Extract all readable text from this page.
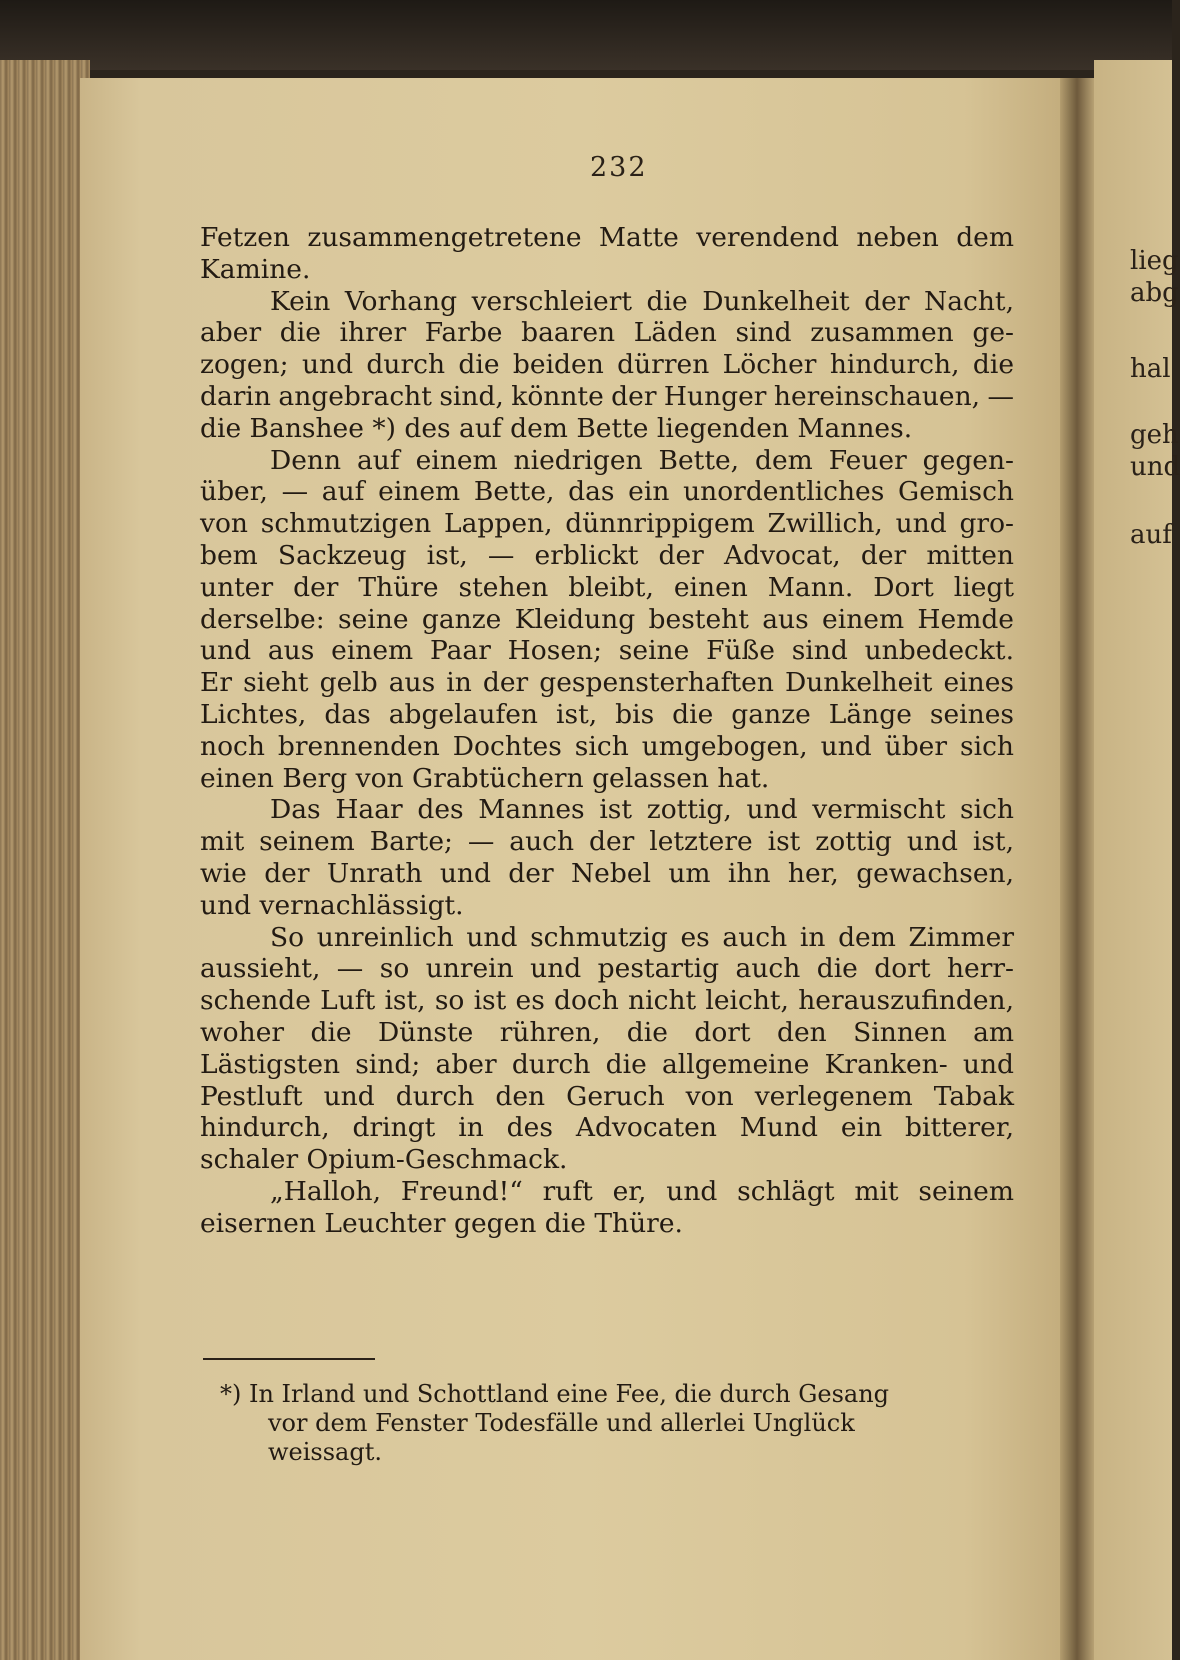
lieg
abg
hal
geh
und
auf
232
Fetzen zusammengetretene Matte verendend neben dem
Kamine.
Kein Vorhang verschleiert die Dunkelheit der Nacht,
aber die ihrer Farbe baaren Läden sind zusammen ge-
zogen; und durch die beiden dürren Löcher hindurch, die
darin angebracht sind, könnte der Hunger hereinschauen, —
die Banshee *) des auf dem Bette liegenden Mannes.
Denn auf einem niedrigen Bette, dem Feuer gegen-
über, — auf einem Bette, das ein unordentliches Gemisch
von schmutzigen Lappen, dünnrippigem Zwillich, und gro-
bem Sackzeug ist, — erblickt der Advocat, der mitten
unter der Thüre stehen bleibt, einen Mann. Dort liegt
derselbe: seine ganze Kleidung besteht aus einem Hemde
und aus einem Paar Hosen; seine Füße sind unbedeckt.
Er sieht gelb aus in der gespensterhaften Dunkelheit eines
Lichtes, das abgelaufen ist, bis die ganze Länge seines
noch brennenden Dochtes sich umgebogen, und über sich
einen Berg von Grabtüchern gelassen hat.
Das Haar des Mannes ist zottig, und vermischt sich
mit seinem Barte; — auch der letztere ist zottig und ist,
wie der Unrath und der Nebel um ihn her, gewachsen,
und vernachlässigt.
So unreinlich und schmutzig es auch in dem Zimmer
aussieht, — so unrein und pestartig auch die dort herr-
schende Luft ist, so ist es doch nicht leicht, herauszufinden,
woher die Dünste rühren, die dort den Sinnen am
Lästigsten sind; aber durch die allgemeine Kranken- und
Pestluft und durch den Geruch von verlegenem Tabak
hindurch, dringt in des Advocaten Mund ein bitterer,
schaler Opium-Geschmack.
„Halloh, Freund!“ ruft er, und schlägt mit seinem
eisernen Leuchter gegen die Thüre.
*) In Irland und Schottland eine Fee, die durch Gesang
vor dem Fenster Todesfälle und allerlei Unglück
weissagt.
